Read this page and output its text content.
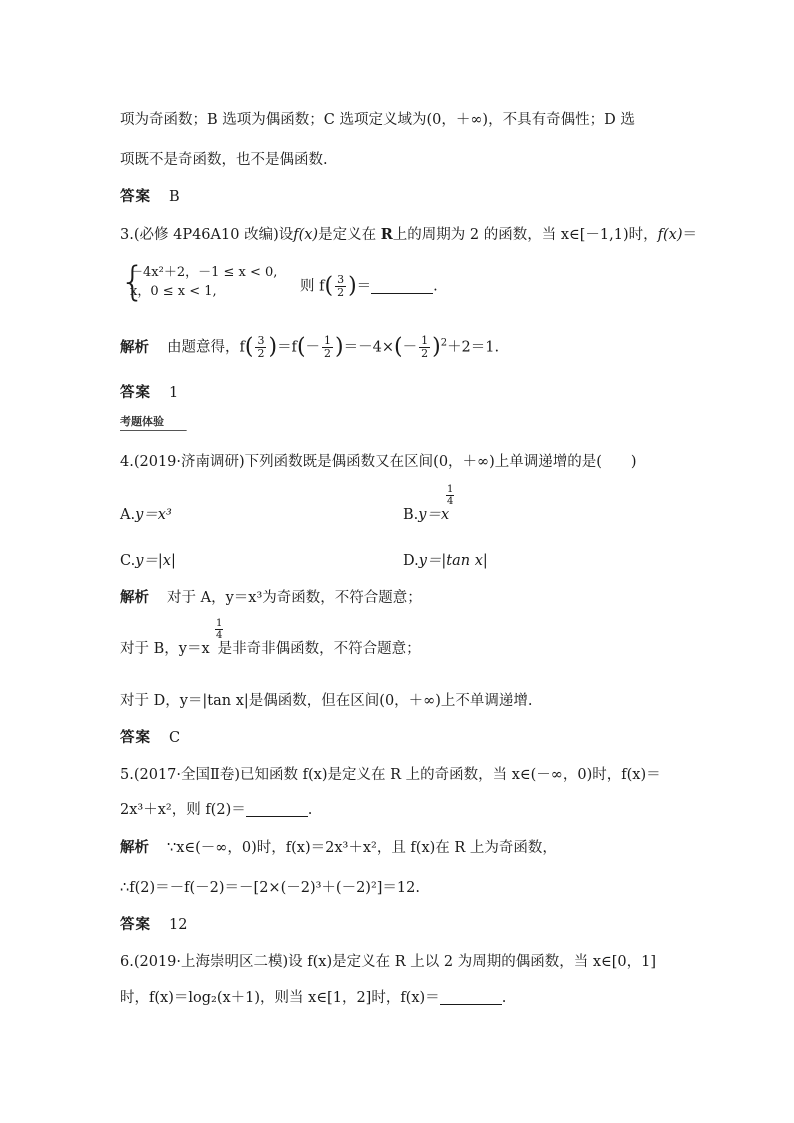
项为奇函数；B 选项为偶函数；C 选项定义域为(0，＋∞)，不具有奇偶性；D 选
项既不是奇函数，也不是偶函数.
答案 B
3.(必修 4P46A10 改编)设f(x)是定义在 R上的周期为 2 的函数，当 x∈[－1,1)时，f(x)＝
{
－4x²＋2，－1 ≤ x < 0,
x，0 ≤ x < 1,	则 $f( \frac{3}{2}$ )＝	.
解析 由题意得，$f( \frac{3}{2} )=f(- \frac{1}{2} )=-4\times(- \frac{1}{2} )^2+2=1$.
答案 1
考题体验
4.(2019·济南调研)下列函数既是偶函数又在区间(0，＋∞)上单调递增的是(　　)
A.y＝x³	B.y＝x
$\frac{1}{4}$
C.y＝|x|	D.y＝|tan x|
解析 对于 A，y＝x³为奇函数，不符合题意；
对于 B，y＝x 是非奇非偶函数，不符合题意；
$\frac{1}{4}$
对于 D，y＝|tan x|是偶函数，但在区间(0，＋∞)上不单调递增.
答案 C
5.(2017·全国Ⅱ卷)已知函数 f(x)是定义在 R 上的奇函数，当 x∈(－∞，0)时，f(x)＝
2x³＋x²，则 f(2)＝	.
解析 ∵x∈(－∞，0)时，f(x)＝2x³＋x²，且 f(x)在 R 上为奇函数，
∴f(2)＝－f(－2)＝－[2×(－2)³＋(－2)²]＝12.
答案 12
6.(2019·上海崇明区二模)设 f(x)是定义在 R 上以 2 为周期的偶函数，当 x∈[0，1]
时，f(x)＝log₂(x＋1)，则当 x∈[1，2]时，f(x)＝	.
